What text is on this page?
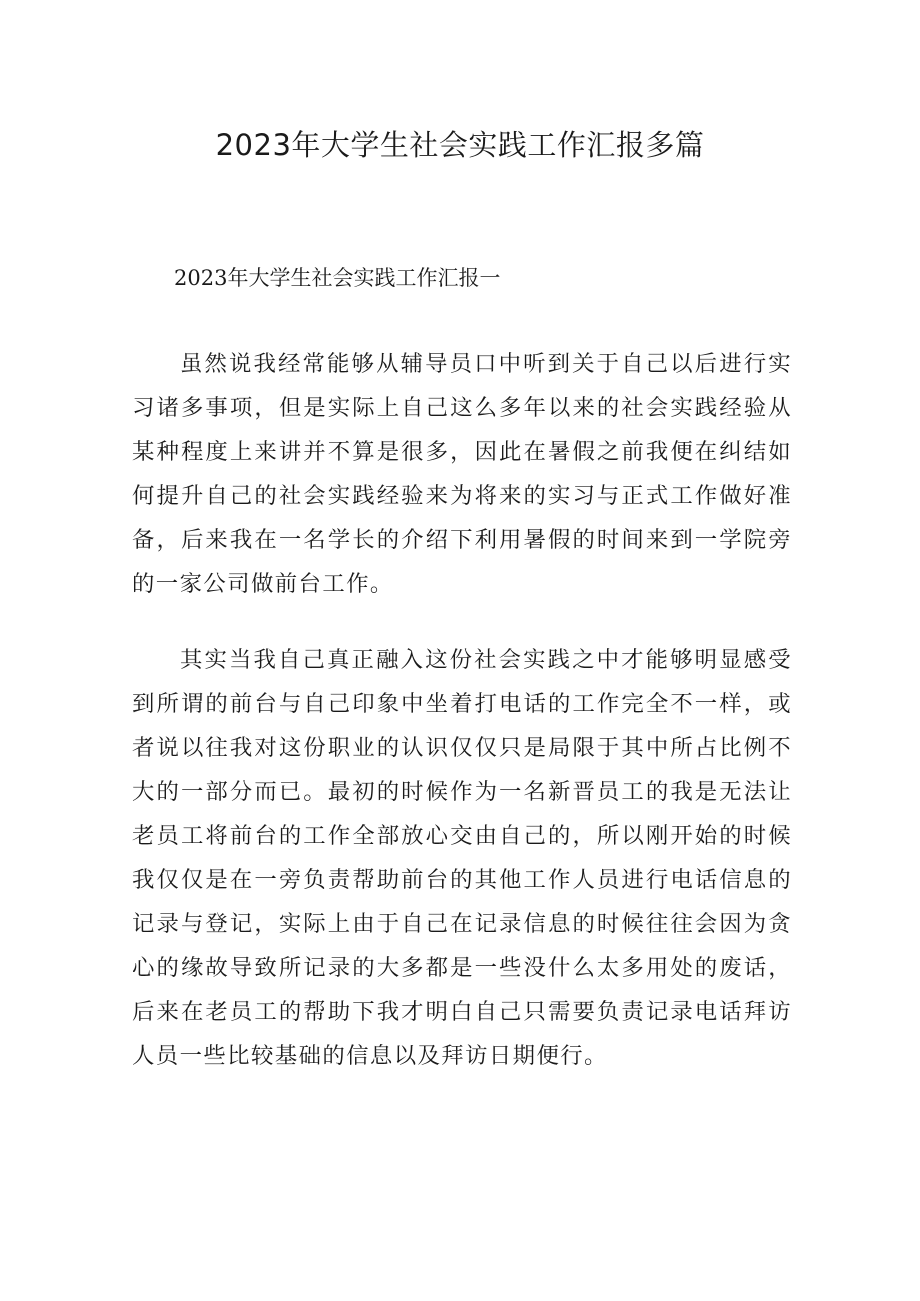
2023年大学生社会实践工作汇报多篇
2023年大学生社会实践工作汇报一

虽然说我经常能够从辅导员口中听到关于自己以后进行实习诸多事项，但是实际上自己这么多年以来的社会实践经验从某种程度上来讲并不算是很多，因此在暑假之前我便在纠结如何提升自己的社会实践经验来为将来的实习与正式工作做好准备，后来我在一名学长的介绍下利用暑假的时间来到一学院旁的一家公司做前台工作。

其实当我自己真正融入这份社会实践之中才能够明显感受到所谓的前台与自己印象中坐着打电话的工作完全不一样，或者说以往我对这份职业的认识仅仅只是局限于其中所占比例不大的一部分而已。最初的时候作为一名新晋员工的我是无法让老员工将前台的工作全部放心交由自己的，所以刚开始的时候我仅仅是在一旁负责帮助前台的其他工作人员进行电话信息的记录与登记，实际上由于自己在记录信息的时候往往会因为贪心的缘故导致所记录的大多都是一些没什么太多用处的废话，后来在老员工的帮助下我才明白自己只需要负责记录电话拜访人员一些比较基础的信息以及拜访日期便行。
